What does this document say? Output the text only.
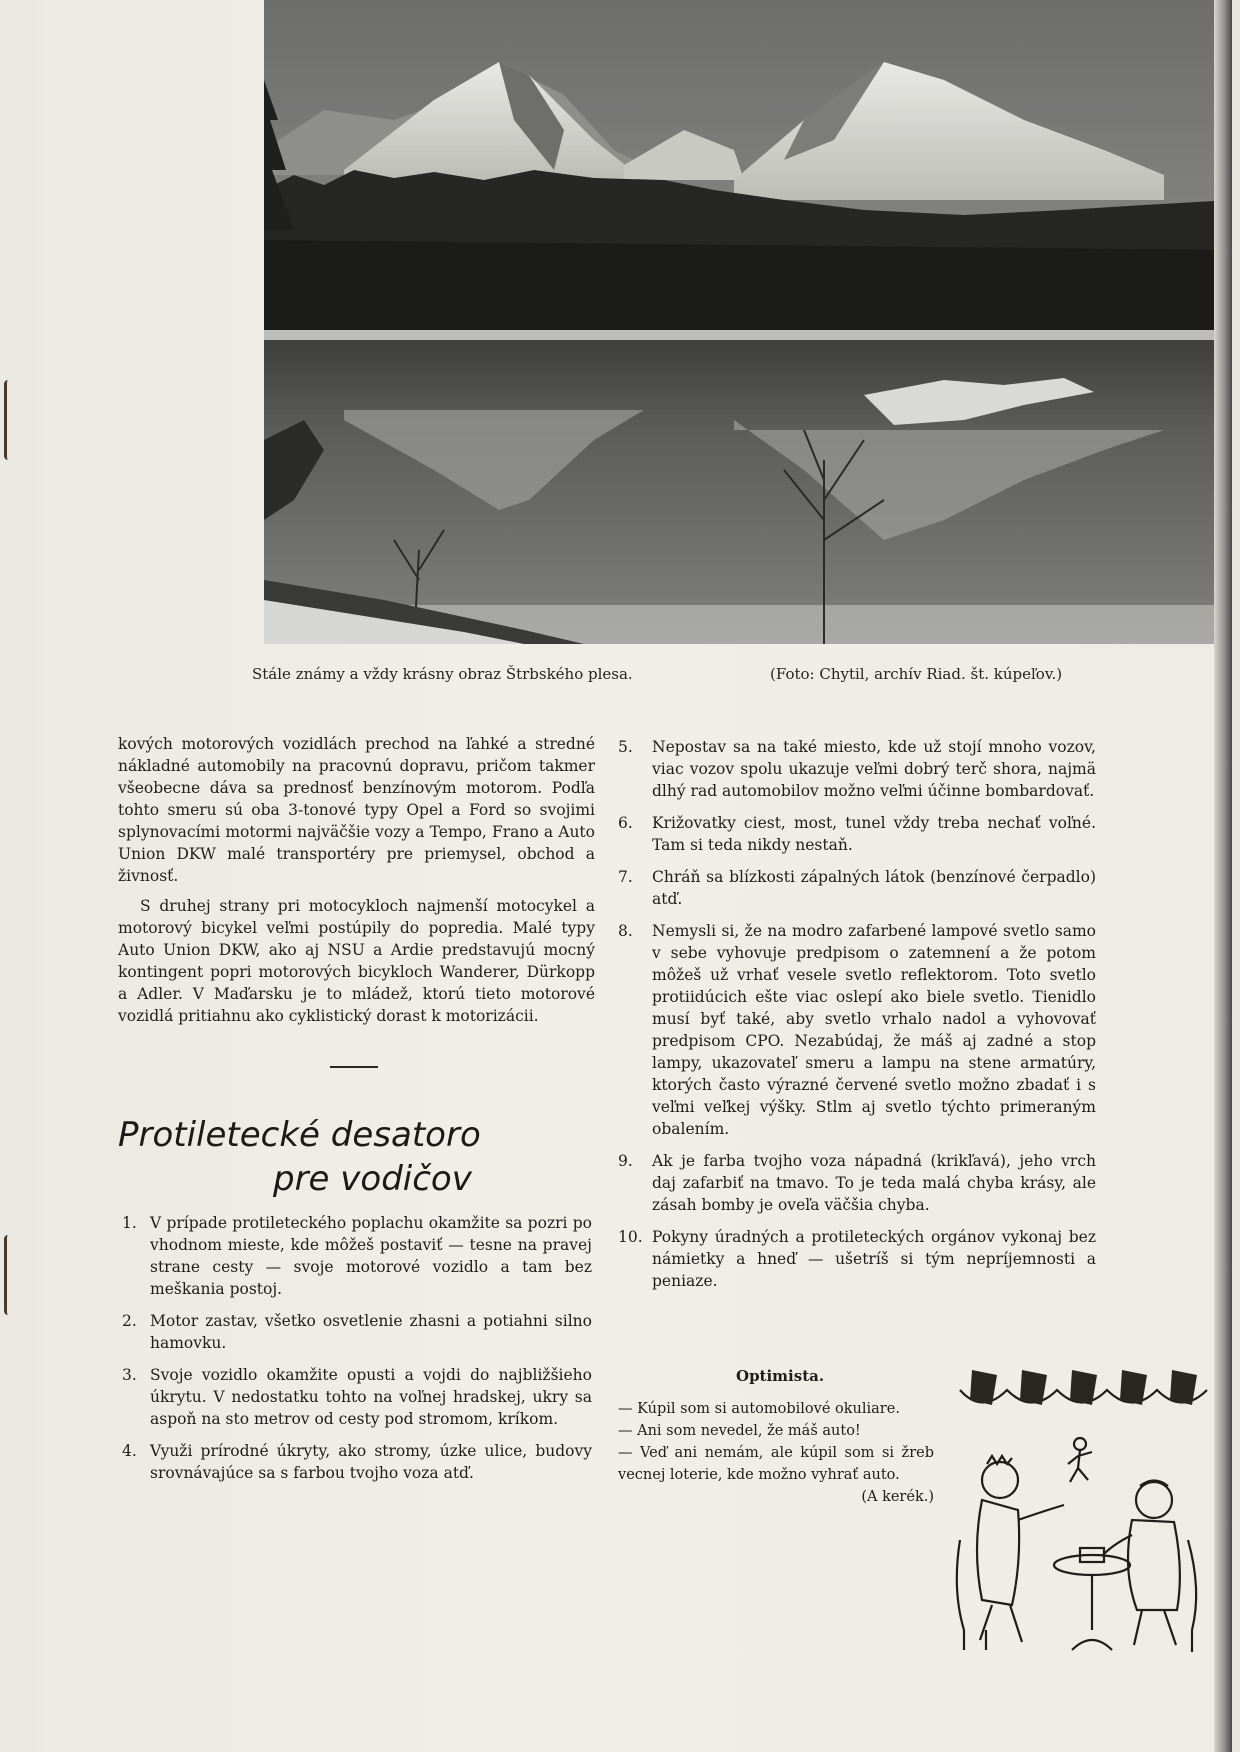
Stále známy a vždy krásny obraz Štrbského plesa.	(Foto: Chytil, archív Riad. št. kúpeľov.)

kových motorových vozidlách prechod na ľahké a stredné nákladné automobily na pracovnú dopravu, pričom takmer všeobecne dáva sa prednosť benzínovým motorom. Podľa tohto smeru sú oba 3-tonové typy Opel a Ford so svojimi splynovacími motormi najväčšie vozy a Tempo, Frano a Auto Union DKW malé transportéry pre priemysel, obchod a živnosť.

S druhej strany pri motocykloch najmenší motocykel a motorový bicykel veľmi postúpily do popredia. Malé typy Auto Union DKW, ako aj NSU a Ardie predstavujú mocný kontingent popri motorových bicykloch Wanderer, Dürkopp a Adler. V Maďarsku je to mládež, ktorú tieto motorové vozidlá pritiahnu ako cyklistický dorast k motorizácii.

Protiletecké desatoro
pre vodičov
1. V prípade protileteckého poplachu okamžite sa pozri po vhodnom mieste, kde môžeš postaviť — tesne na pravej strane cesty — svoje motorové vozidlo a tam bez meškania postoj.
2. Motor zastav, všetko osvetlenie zhasni a potiahni silno hamovku.
3. Svoje vozidlo okamžite opusti a vojdi do najbližšieho úkrytu. V nedostatku tohto na voľnej hradskej, ukry sa aspoň na sto metrov od cesty pod stromom, kríkom.
4. Využi prírodné úkryty, ako stromy, úzke ulice, budovy srovnávajúce sa s farbou tvojho voza atď.
5. Nepostav sa na také miesto, kde už stojí mnoho vozov, viac vozov spolu ukazuje veľmi dobrý terč shora, najmä dlhý rad automobilov možno veľmi účinne bombardovať.
6. Križovatky ciest, most, tunel vždy treba nechať voľné. Tam si teda nikdy nestaň.
7. Chráň sa blízkosti zápalných látok (benzínové čerpadlo) atď.
8. Nemysli si, že na modro zafarbené lampové svetlo samo v sebe vyhovuje predpisom o zatemnení a že potom môžeš už vrhať vesele svetlo reflektorom. Toto svetlo protiidúcich ešte viac oslepí ako biele svetlo. Tienidlo musí byť také, aby svetlo vrhalo nadol a vyhovovať predpisom CPO. Nezabúdaj, že máš aj zadné a stop lampy, ukazovateľ smeru a lampu na stene armatúry, ktorých často výrazné červené svetlo možno zbadať i s veľmi veľkej výšky. Stlm aj svetlo týchto primeraným obalením.
9. Ak je farba tvojho voza nápadná (krikľavá), jeho vrch daj zafarbiť na tmavo. To je teda malá chyba krásy, ale zásah bomby je oveľa väčšia chyba.
10. Pokyny úradných a protileteckých orgánov vykonaj bez námietky a hneď — ušetríš si tým nepríjemnosti a peniaze.
Optimista.

— Kúpil som si automobilové okuliare.

— Ani som nevedel, že máš auto!

— Veď ani nemám, ale kúpil som si žreb vecnej loterie, kde možno vyhrať auto.

(A kerék.)
